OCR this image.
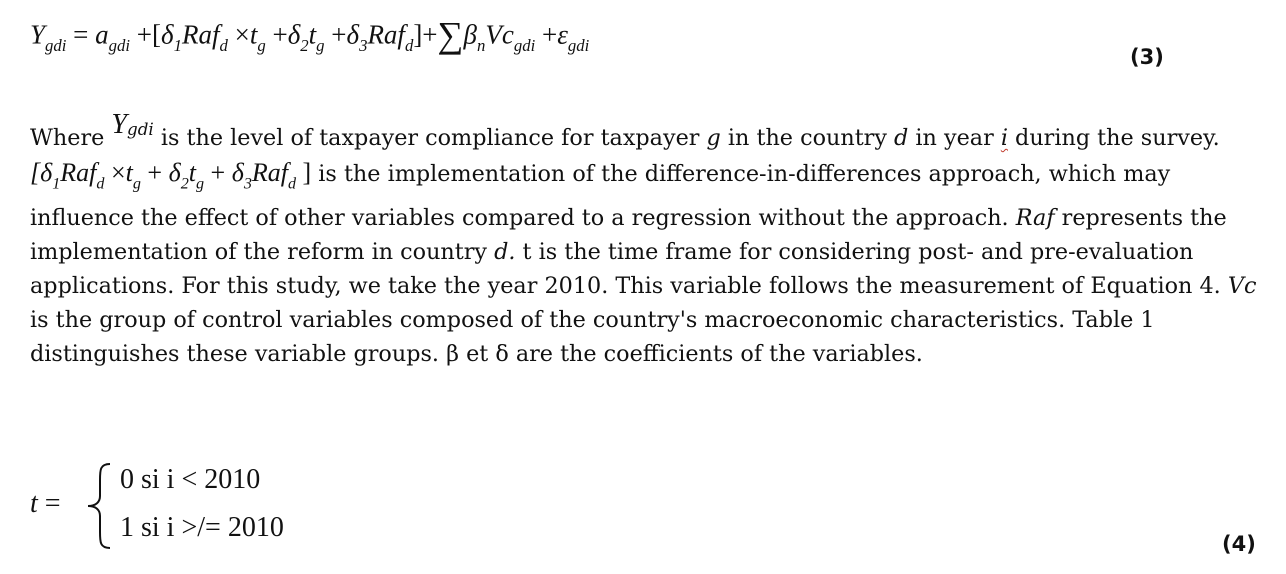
$Y_{gdi} = a_{gdi} +[\delta_1Raf_d \times t_g +\delta_2t_g +\delta_3Raf_d]+\sum\beta_nVc_{gdi} +\varepsilon_{gdi}$	(3)
Where $Y^{gdi}$ is the level of taxpayer compliance for taxpayer g in the country d in year i during the survey. [$\delta_1Raf_d \times t_g + \delta_2t_g + \delta_3Raf_d$ ] is the implementation of the difference-in-differences approach, which may influence the effect of other variables compared to a regression without the approach. Raf represents the implementation of the reform in country d. t is the time frame for considering post- and pre-evaluation applications. For this study, we take the year 2010. This variable follows the measurement of Equation 4. Vc is the group of control variables composed of the country's macroeconomic characteristics. Table 1 distinguishes these variable groups. β et δ are the coefficients of the variables.
t =
0 si i < 2010
1 si i >/= 2010
(4)
